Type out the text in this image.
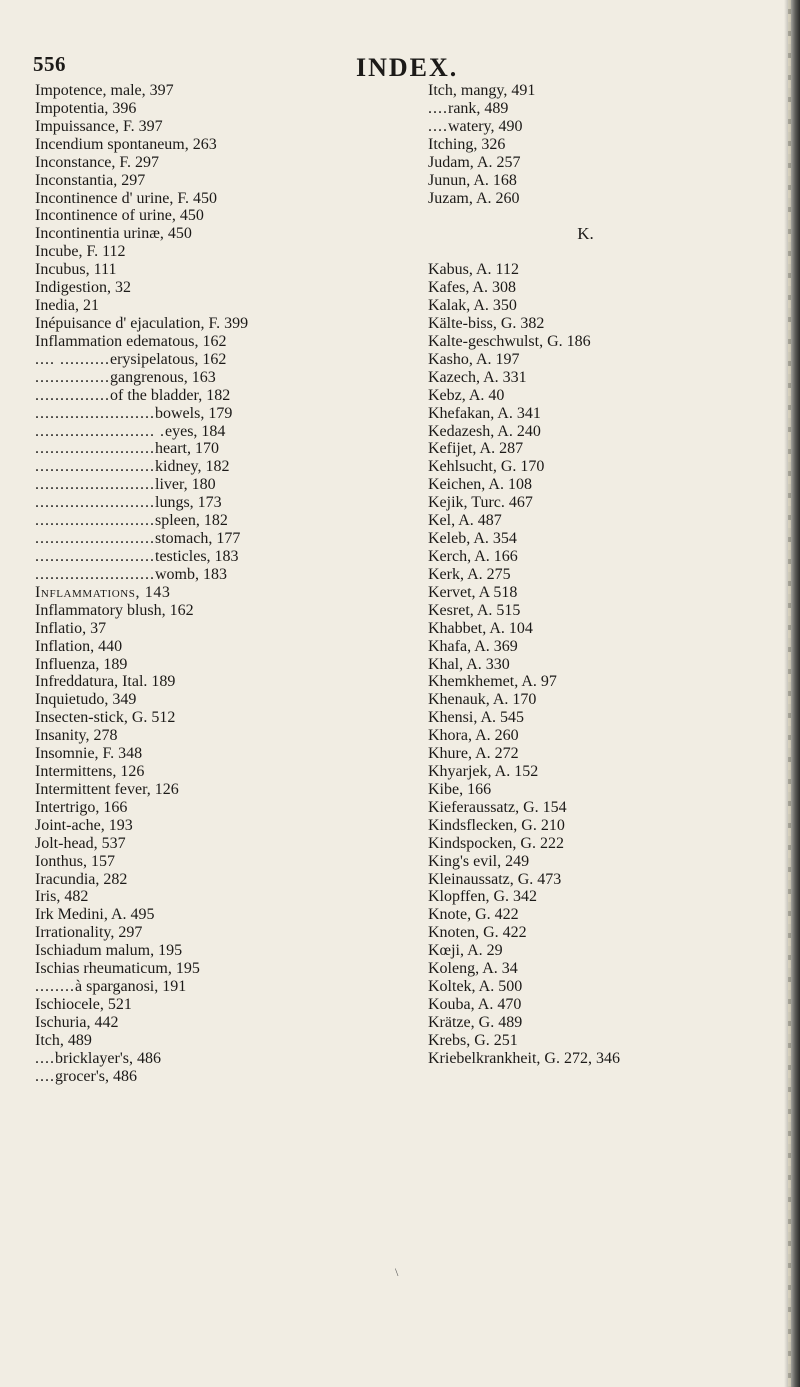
556	INDEX.
Impotence, male, 397
Impotentia, 396
Impuissance, F. 397
Incendium spontaneum, 263
Inconstance, F. 297
Inconstantia, 297
Incontinence d' urine, F. 450
Incontinence of urine, 450
Incontinentia urinæ, 450
Incube, F. 112
Incubus, 111
Indigestion, 32
Inedia, 21
Inépuisance d' ejaculation, F. 399
Inflammation edematous, 162
.... .......... erysipelatous, 162
............... gangrenous, 163
............... of the bladder, 182
........................ bowels, 179
........................ . eyes, 184
........................ heart, 170
........................ kidney, 182
........................ liver, 180
........................ lungs, 173
........................ spleen, 182
........................ stomach, 177
........................ testicles, 183
........................ womb, 183
Inflammations, 143
Inflammatory blush, 162
Inflatio, 37
Inflation, 440
Influenza, 189
Infreddatura, Ital. 189
Inquietudo, 349
Insecten-stick, G. 512
Insanity, 278
Insomnie, F. 348
Intermittens, 126
Intermittent fever, 126
Intertrigo, 166
Joint-ache, 193
Jolt-head, 537
Ionthus, 157
Iracundia, 282
Iris, 482
Irk Medini, A. 495
Irrationality, 297
Ischiadum malum, 195
Ischias rheumaticum, 195
........ à sparganosi, 191
Ischiocele, 521
Ischuria, 442
Itch, 489
.... bricklayer's, 486
.... grocer's, 486
Itch, mangy, 491
.... rank, 489
.... watery, 490
Itching, 326
Judam, A. 257
Junun, A. 168
Juzam, A. 260
K.
Kabus, A. 112
Kafes, A. 308
Kalak, A. 350
Kälte-biss, G. 382
Kalte-geschwulst, G. 186
Kasho, A. 197
Kazech, A. 331
Kebz, A. 40
Khefakan, A. 341
Kedazesh, A. 240
Kefijet, A. 287
Kehlsucht, G. 170
Keichen, A. 108
Kejik, Turc. 467
Kel, A. 487
Keleb, A. 354
Kerch, A. 166
Kerk, A. 275
Kervet, A 518
Kesret, A. 515
Khabbet, A. 104
Khafa, A. 369
Khal, A. 330
Khemkhemet, A. 97
Khenauk, A. 170
Khensi, A. 545
Khora, A. 260
Khure, A. 272
Khyarjek, A. 152
Kibe, 166
Kieferaussatz, G. 154
Kindsflecken, G. 210
Kindspocken, G. 222
King's evil, 249
Kleinaussatz, G. 473
Klopffen, G. 342
Knote, G. 422
Knoten, G. 422
Kœji, A. 29
Koleng, A. 34
Koltek, A. 500
Kouba, A. 470
Krätze, G. 489
Krebs, G. 251
Kriebelkrankheit, G. 272, 346
\
